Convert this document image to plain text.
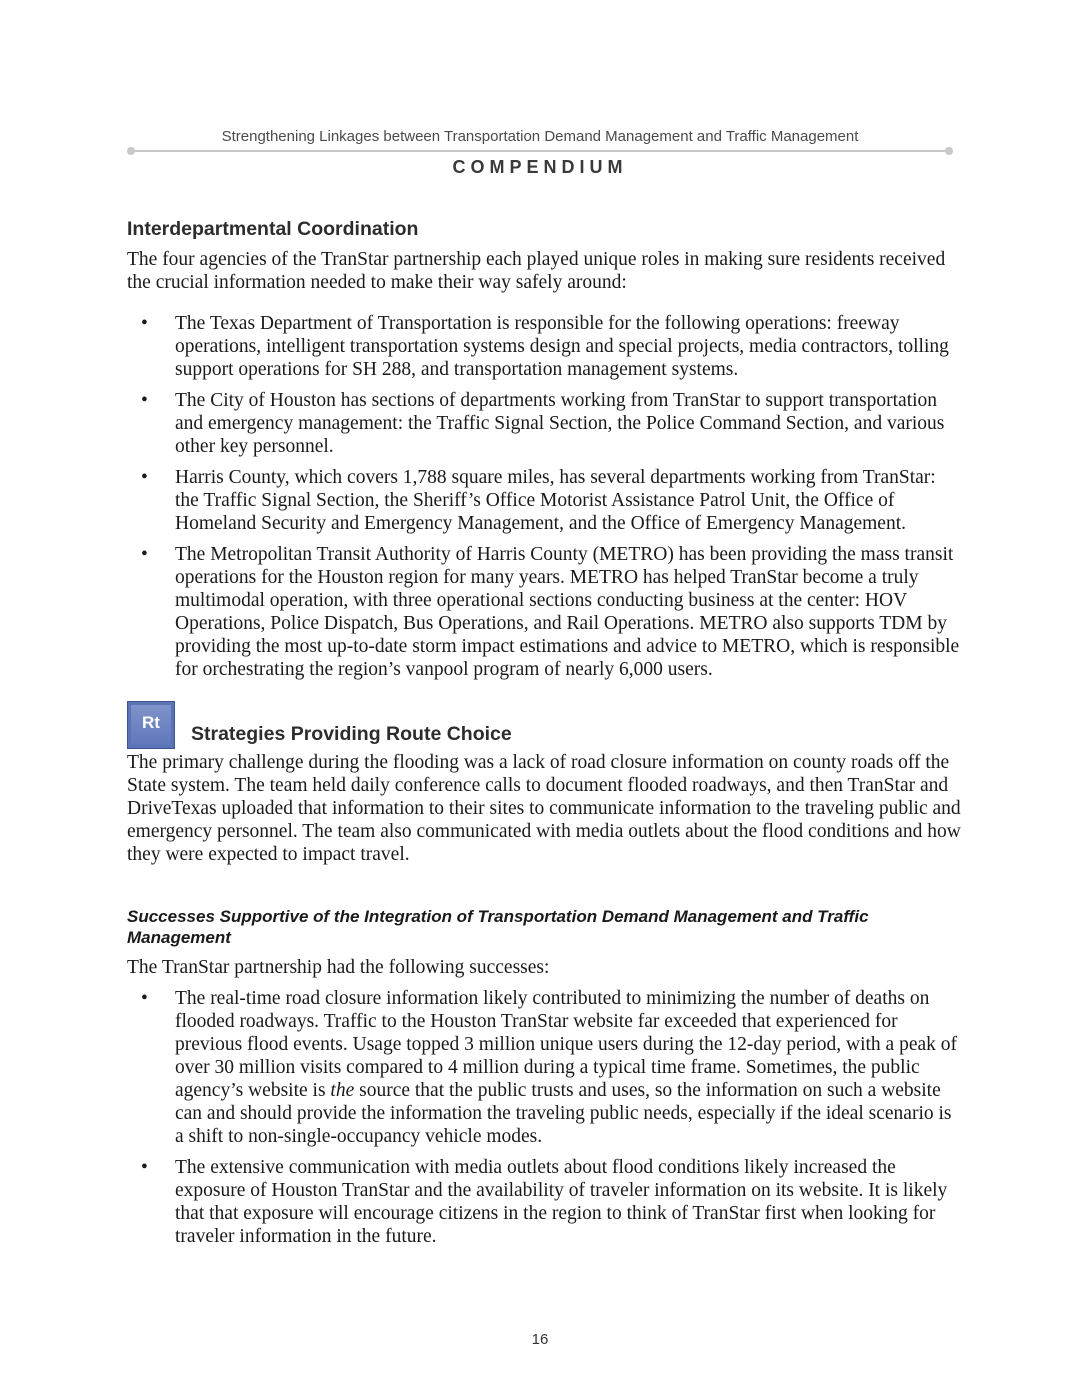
Strengthening Linkages between Transportation Demand Management and Traffic Management
COMPENDIUM
Interdepartmental Coordination

The four agencies of the TranStar partnership each played unique roles in making sure residents received the crucial information needed to make their way safely around:

• The Texas Department of Transportation is responsible for the following operations: freeway operations, intelligent transportation systems design and special projects, media contractors, tolling support operations for SH 288, and transportation management systems.
• The City of Houston has sections of departments working from TranStar to support transportation and emergency management: the Traffic Signal Section, the Police Command Section, and various other key personnel.
• Harris County, which covers 1,788 square miles, has several departments working from TranStar: the Traffic Signal Section, the Sheriff’s Office Motorist Assistance Patrol Unit, the Office of Homeland Security and Emergency Management, and the Office of Emergency Management.
• The Metropolitan Transit Authority of Harris County (METRO) has been providing the mass transit operations for the Houston region for many years. METRO has helped TranStar become a truly multimodal operation, with three operational sections conducting business at the center: HOV Operations, Police Dispatch, Bus Operations, and Rail Operations. METRO also supports TDM by providing the most up-to-date storm impact estimations and advice to METRO, which is responsible for orchestrating the region’s vanpool program of nearly 6,000 users.
Rt
Strategies Providing Route Choice

The primary challenge during the flooding was a lack of road closure information on county roads off the State system. The team held daily conference calls to document flooded roadways, and then TranStar and DriveTexas uploaded that information to their sites to communicate information to the traveling public and emergency personnel. The team also communicated with media outlets about the flood conditions and how they were expected to impact travel.

Successes Supportive of the Integration of Transportation Demand Management and Traffic Management

The TranStar partnership had the following successes:

• The real-time road closure information likely contributed to minimizing the number of deaths on flooded roadways. Traffic to the Houston TranStar website far exceeded that experienced for previous flood events. Usage topped 3 million unique users during the 12-day period, with a peak of over 30 million visits compared to 4 million during a typical time frame. Sometimes, the public agency’s website is the source that the public trusts and uses, so the information on such a website can and should provide the information the traveling public needs, especially if the ideal scenario is a shift to non-single-occupancy vehicle modes.
• The extensive communication with media outlets about flood conditions likely increased the exposure of Houston TranStar and the availability of traveler information on its website. It is likely that that exposure will encourage citizens in the region to think of TranStar first when looking for traveler information in the future.
16
